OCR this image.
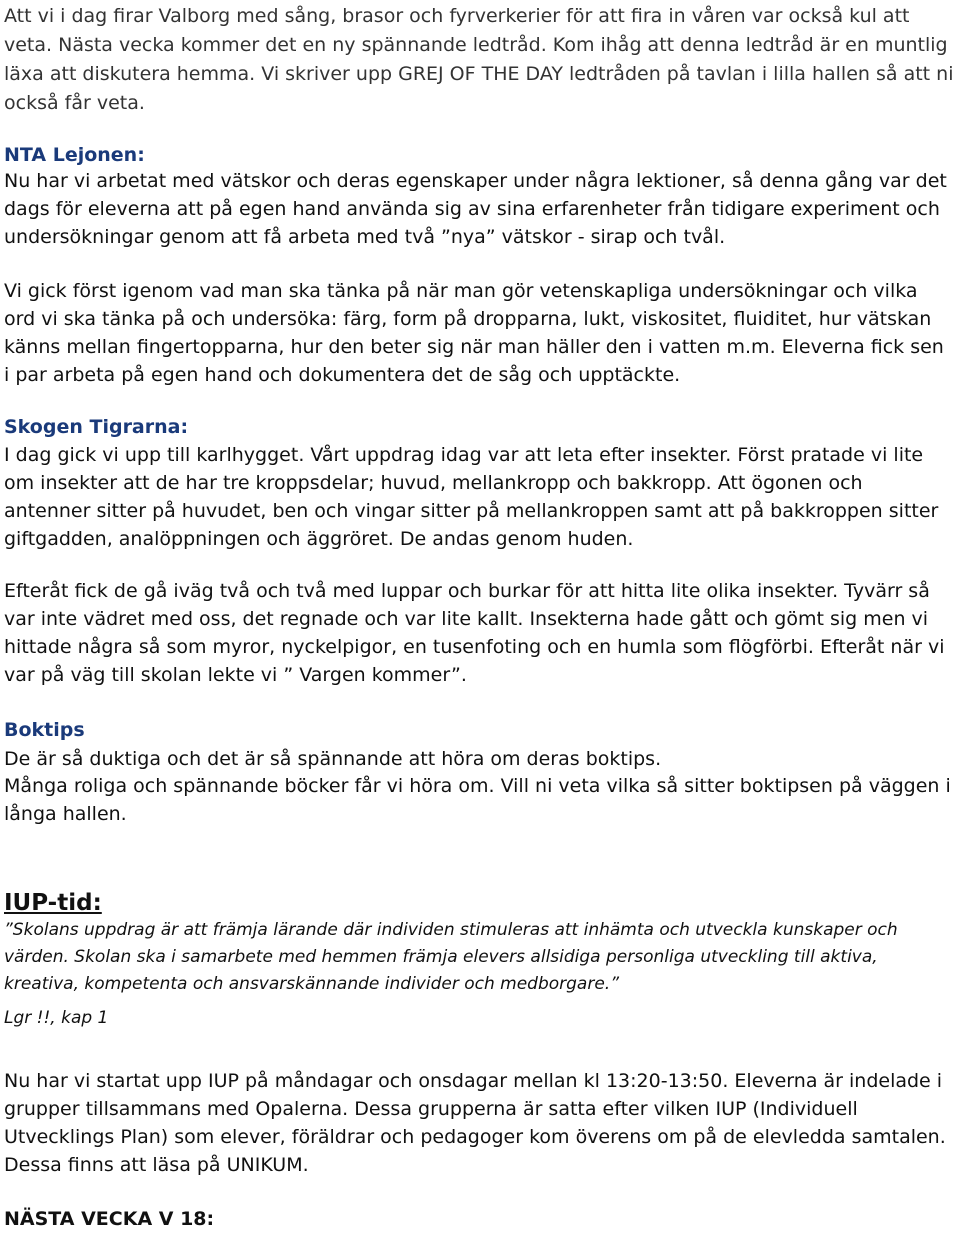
Att vi i dag firar Valborg med sång, brasor och fyrverkerier för att fira in våren var också kul att veta. Nästa vecka kommer det en ny spännande ledtråd. Kom ihåg att denna ledtråd är en muntlig läxa att diskutera hemma. Vi skriver upp GREJ OF THE DAY ledtråden på tavlan i lilla hallen så att ni också får veta.

NTA Lejonen:

Nu har vi arbetat med vätskor och deras egenskaper under några lektioner, så denna gång var det dags för eleverna att på egen hand använda sig av sina erfarenheter från tidigare experiment och undersökningar genom att få arbeta med två ”nya” vätskor - sirap och tvål.

Vi gick först igenom vad man ska tänka på när man gör vetenskapliga undersökningar och vilka ord vi ska tänka på och undersöka: färg, form på dropparna, lukt, viskositet, fluiditet, hur vätskan känns mellan fingertopparna, hur den beter sig när man häller den i vatten m.m. Eleverna fick sen i par arbeta på egen hand och dokumentera det de såg och upptäckte.

Skogen Tigrarna:

I dag gick vi upp till karlhygget. Vårt uppdrag idag var att leta efter insekter. Först pratade vi lite om insekter att de har tre kroppsdelar; huvud, mellankropp och bakkropp. Att ögonen och antenner sitter på huvudet, ben och vingar sitter på mellankroppen samt att på bakkroppen sitter giftgadden, analöppningen och äggröret. De andas genom huden.

Efteråt fick de gå iväg två och två med luppar och burkar för att hitta lite olika insekter. Tyvärr så var inte vädret med oss, det regnade och var lite kallt. Insekterna hade gått och gömt sig men vi hittade några så som myror, nyckelpigor, en tusenfoting och en humla som flögförbi. Efteråt när vi var på väg till skolan lekte vi ” Vargen kommer”.

Boktips

De är så duktiga och det är så spännande att höra om deras boktips.

Många roliga och spännande böcker får vi höra om. Vill ni veta vilka så sitter boktipsen på väggen i långa hallen.

IUP-tid:

”Skolans uppdrag är att främja lärande där individen stimuleras att inhämta och utveckla kunskaper och värden. Skolan ska i samarbete med hemmen främja elevers allsidiga personliga utveckling till aktiva, kreativa, kompetenta och ansvarskännande individer och medborgare.”

Lgr !!, kap 1

Nu har vi startat upp IUP på måndagar och onsdagar mellan kl 13:20-13:50. Eleverna är indelade i grupper tillsammans med Opalerna. Dessa grupperna är satta efter vilken IUP (Individuell Utvecklings Plan) som elever, föräldrar och pedagoger kom överens om på de elevledda samtalen. Dessa finns att läsa på UNIKUM.

NÄSTA VECKA V 18:
